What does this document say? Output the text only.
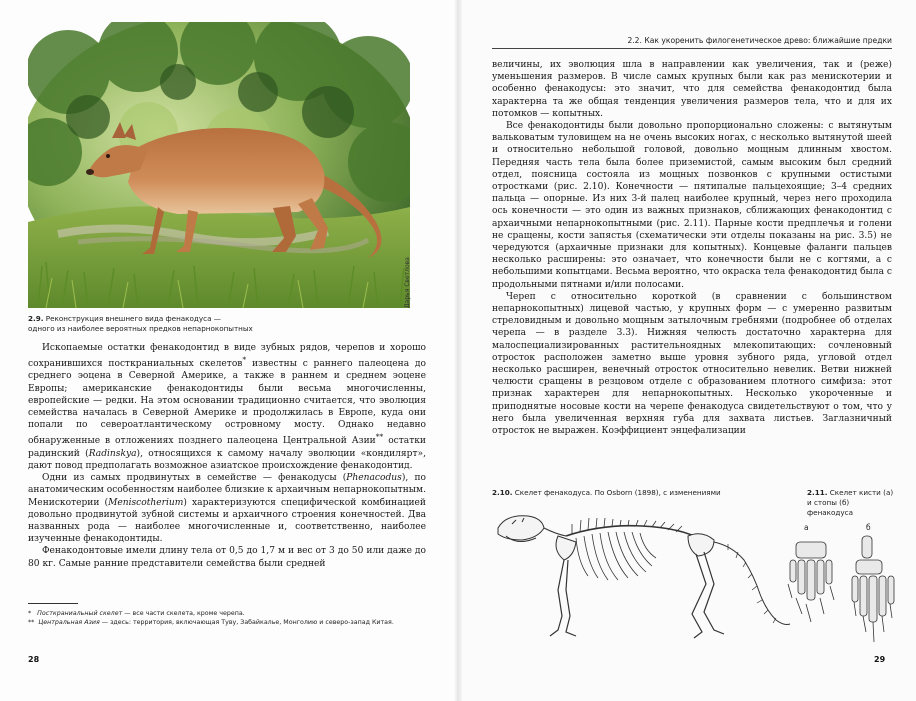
Дарья Светлова
2.9. Реконструкция внешнего вида фенакодуса —
одного из наиболее вероятных предков непарнокопытных

Ископаемые остатки фенакодонтид в виде зубных рядов, черепов и хорошо сохранившихся посткраниальных скелетов* известны с раннего палеоцена до среднего эоцена в Северной Америке, а также в раннем и среднем эоцене Европы; американские фенакодонтиды были весьма многочисленны, европейские — редки. На этом основании традиционно считается, что эволюция семейства началась в Северной Америке и продолжилась в Европе, куда они попали по североатлантическому островному мосту. Однако недавно обнаруженные в отложениях позднего палеоцена Центральной Азии** остатки радинский (Radinskya), относящихся к самому началу эволюции «кондилярт», дают повод предполагать возможное азиатское происхождение фенакодонтид.

Одни из самых продвинутых в семействе — фенакодусы (Phenacodus), по анатомическим особенностям наиболее близкие к архаичным непарнокопытным. Менискотерии (Meniscotherium) характеризуются специфической комбинацией довольно продвинутой зубной системы и архаичного строения конечностей. Два названных рода — наиболее многочисленные и, соответственно, наиболее изученные фенакодонтиды.

Фенакодонтовые имели длину тела от 0,5 до 1,7 м и вес от 3 до 50 или даже до 80 кг. Самые ранние представители семейства были средней

* Посткраниальный скелет — все части скелета, кроме черепа.
** Центральная Азия — здесь: территория, включающая Туву, Забайкалье, Монголию и северо-запад Китая.
28
2.2. Как укоренить филогенетическое древо: ближайшие предки

величины, их эволюция шла в направлении как увеличения, так и (реже) уменьшения размеров. В числе самых крупных были как раз менискотерии и особенно фенакодусы: это значит, что для семейства фенакодонтид была характерна та же общая тенденция увеличения размеров тела, что и для их потомков — копытных.

Все фенакодонтиды были довольно пропорционально сложены: с вытянутым вальковатым туловищем на не очень высоких ногах, с несколько вытянутой шеей и относительно небольшой головой, довольно мощным длинным хвостом. Передняя часть тела была более приземистой, самым высоким был средний отдел, поясница состояла из мощных позвонков с крупными остистыми отростками (рис. 2.10). Конечности — пятипалые пальцехоящие; 3–4 средних пальца — опорные. Из них 3-й палец наиболее крупный, через него проходила ось конечности — это один из важных признаков, сближающих фенакодонтид с архаичными непарнокопытными (рис. 2.11). Парные кости предплечья и голени не сращены, кости запястья (схематически эти отделы показаны на рис. 3.5) не чередуются (архаичные признаки для копытных). Концевые фаланги пальцев несколько расширены: это означает, что конечности были не с когтями, а с небольшими копытцами. Весьма вероятно, что окраска тела фенакодонтид была с продольными пятнами и/или полосами.

Череп с относительно короткой (в сравнении с большинством непарнокопытных) лицевой частью, у крупных форм — с умеренно развитым стреловидным и довольно мощным затылочным гребнями (подробнее об отделах черепа — в разделе 3.3). Нижняя челюсть достаточно характерна для малоспециализированных растительноядных млекопитающих: сочленовный отросток расположен заметно выше уровня зубного ряда, угловой отдел несколько расширен, венечный отросток относительно невелик. Ветви нижней челюсти сращены в резцовом отделе с образованием плотного симфиза: этот признак характерен для непарнокопытных. Несколько укороченные и приподнятые носовые кости на черепе фенакодуса свидетельствуют о том, что у него была увеличенная верхняя губа для захвата листьев. Заглазничный отросток не выражен. Коэффициент энцефализации

2.10. Скелет фенакодуса. По Osborn (1898), с изменениями	2.11. Скелет кисти (а)
и стопы (б) фенакодуса
а	б
29
